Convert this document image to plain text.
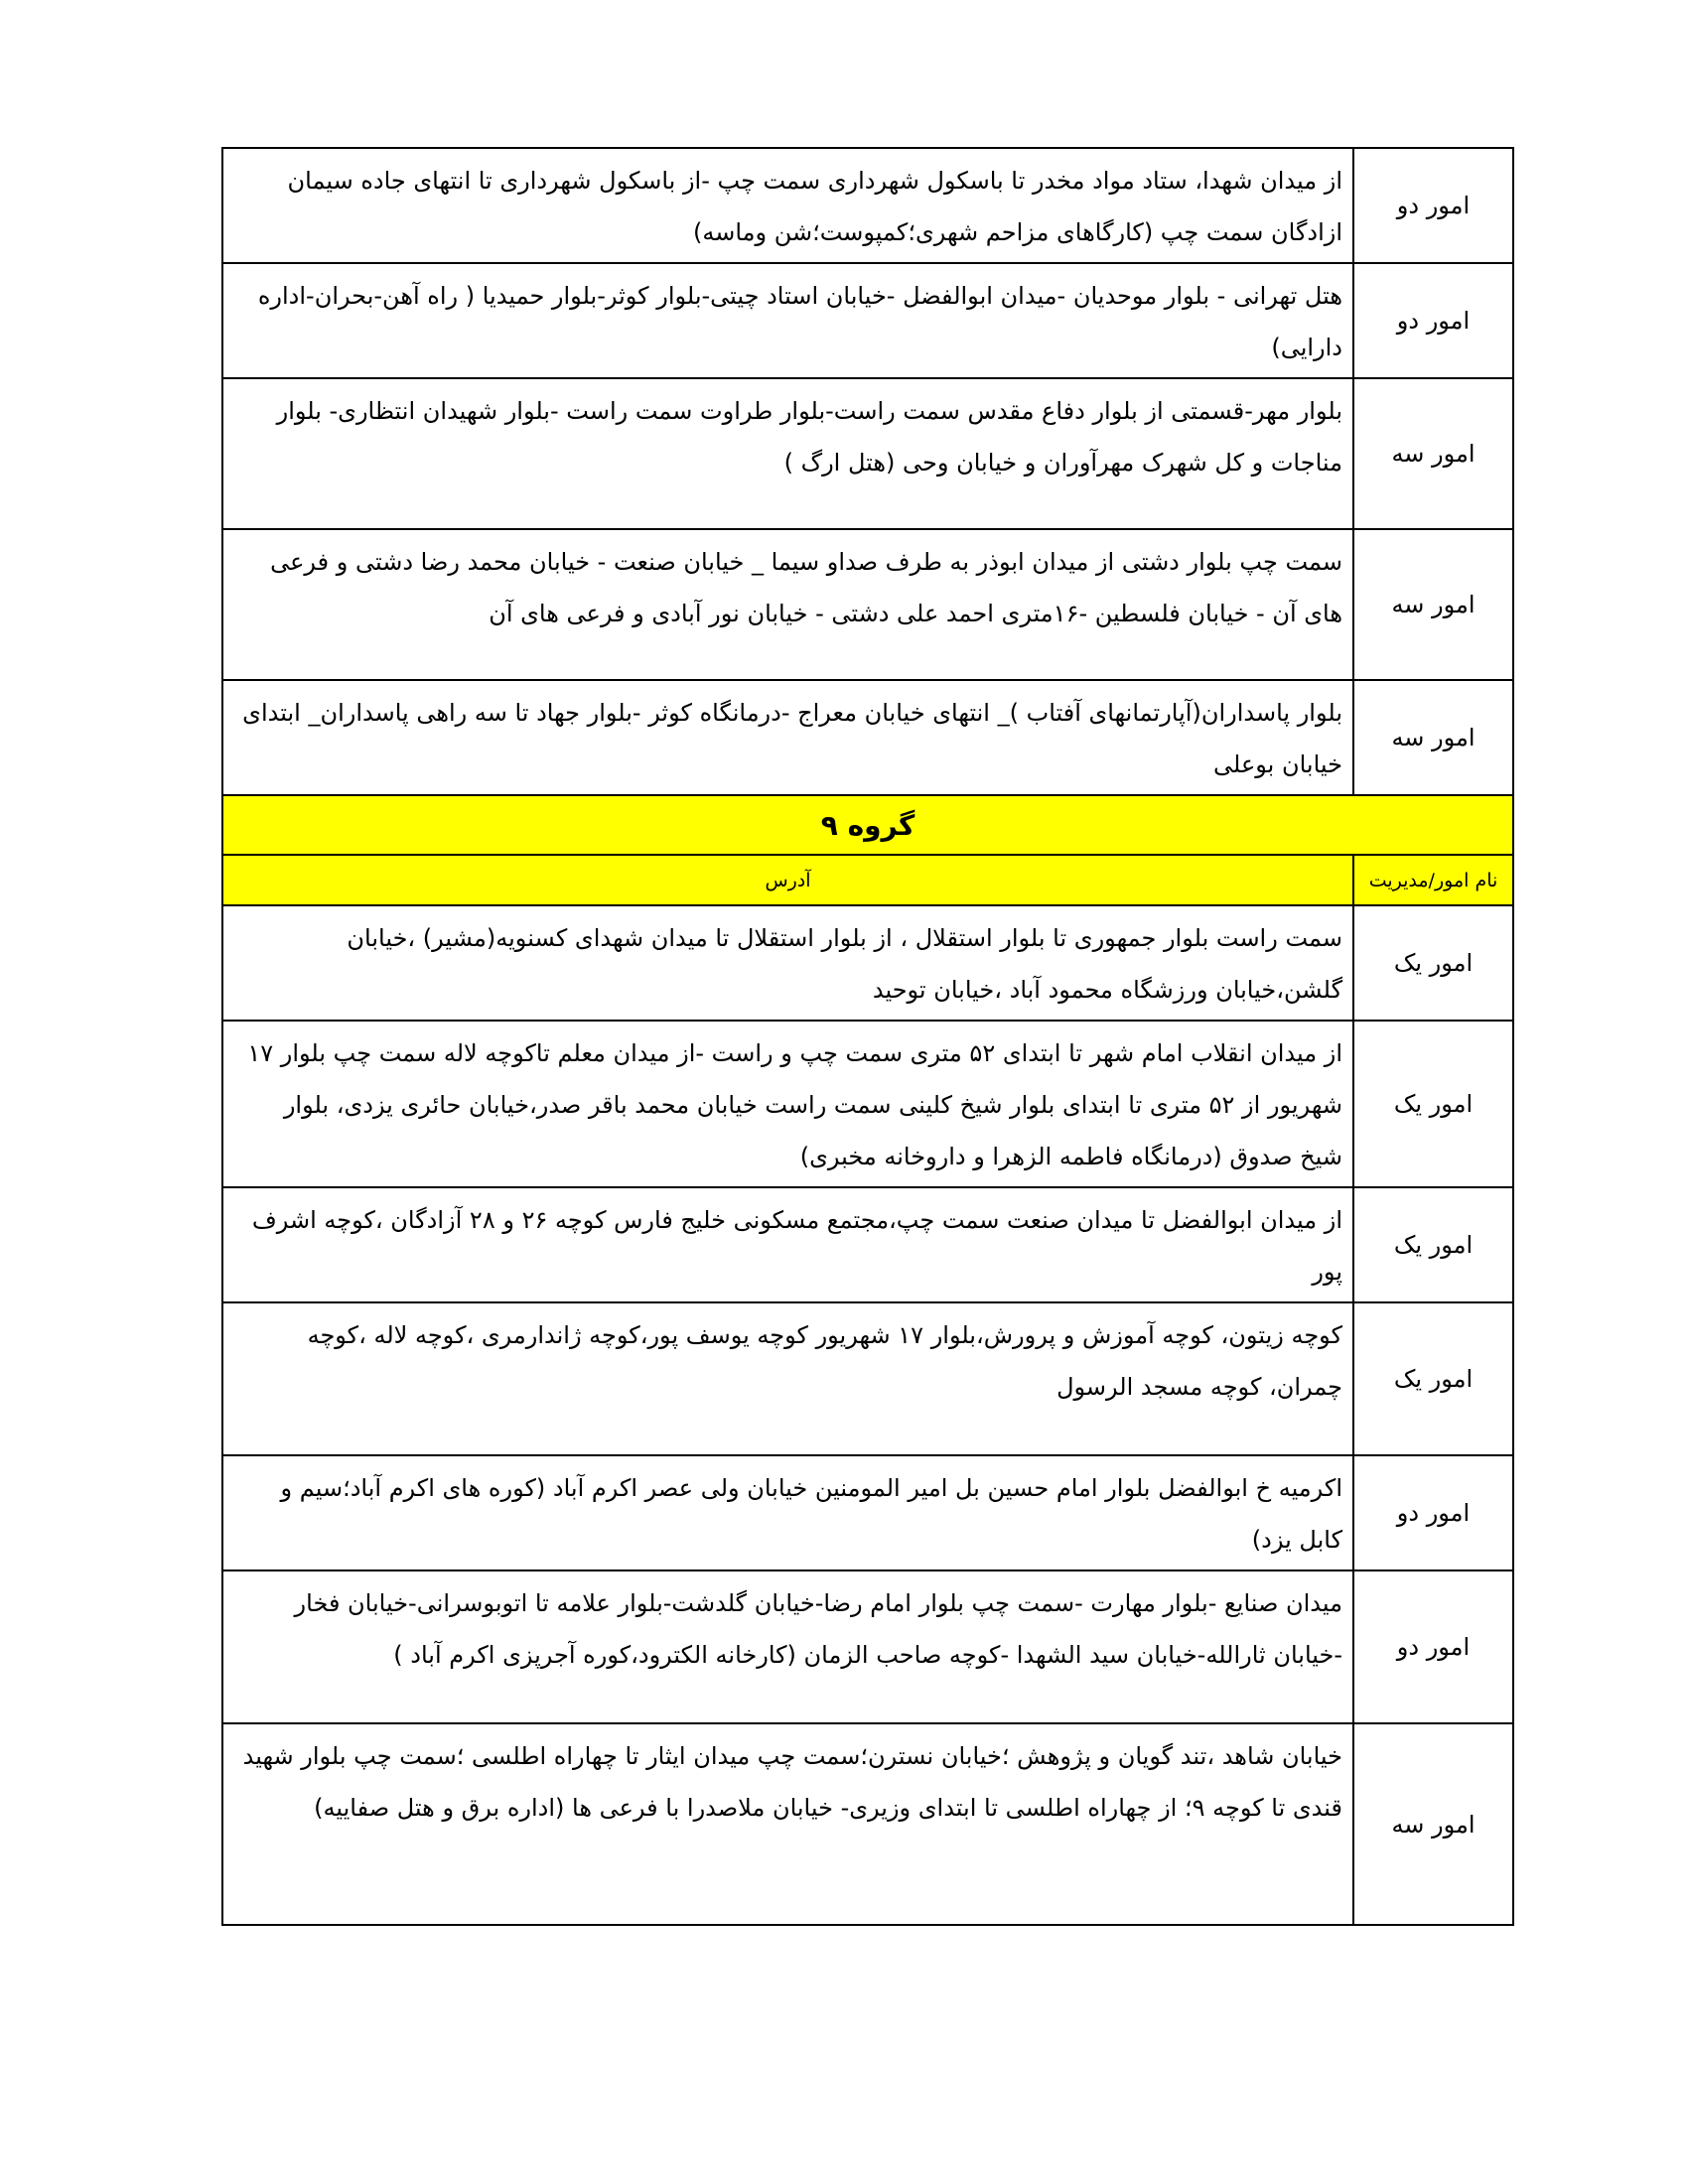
امور دو	از میدان شهدا، ستاد مواد مخدر تا باسکول شهرداری سمت چپ -از باسکول شهرداری تا انتهای جاده سیمان ازادگان سمت چپ (کارگاهای مزاحم شهری؛کمپوست؛شن وماسه)
امور دو	هتل تهرانی - بلوار موحدیان -میدان ابوالفضل -خیابان استاد چیتی-بلوار کوثر-بلوار حمیدیا ( راه آهن-بحران-اداره دارایی)
امور سه	بلوار مهر-قسمتی از بلوار دفاع مقدس سمت راست-بلوار طراوت سمت راست -بلوار شهیدان انتظاری- بلوار مناجات و کل شهرک مهرآوران و خیابان وحی (هتل ارگ )
امور سه	سمت چپ بلوار دشتی از میدان ابوذر به طرف صداو سیما _ خیابان صنعت - خیابان محمد رضا دشتی و فرعی های آن - خیابان فلسطین -۱۶متری احمد علی دشتی - خیابان نور آبادی و فرعی های آن
امور سه	بلوار پاسداران(آپارتمانهای آفتاب )_ انتهای خیابان معراج -درمانگاه کوثر -بلوار جهاد تا سه راهی پاسداران_ ابتدای خیابان بوعلی
گروه ۹	
نام امور/مدیریت	آدرس
امور یک	سمت راست بلوار جمهوری تا بلوار استقلال ، از بلوار استقلال تا میدان شهدای کسنویه(مشیر) ،خیابان گلشن،خیابان ورزشگاه محمود آباد ،خیابان توحید
امور یک	از میدان انقلاب امام شهر تا ابتدای ۵۲ متری سمت چپ و راست -از میدان معلم تاکوچه لاله سمت چپ بلوار ۱۷ شهریور از ۵۲ متری تا ابتدای بلوار شیخ کلینی سمت راست خیابان محمد باقر صدر،خیابان حائری یزدی، بلوار شیخ صدوق (درمانگاه فاطمه الزهرا و داروخانه مخبری)
امور یک	از میدان ابوالفضل تا میدان صنعت سمت چپ،مجتمع مسکونی خلیج فارس کوچه ۲۶ و ۲۸ آزادگان ،کوچه اشرف پور
امور یک	کوچه زیتون، کوچه آموزش و پرورش،بلوار ۱۷ شهریور کوچه یوسف پور،کوچه ژاندارمری ،کوچه لاله ،کوچه چمران، کوچه مسجد الرسول
امور دو	اکرمیه خ ابوالفضل بلوار امام حسین بل امیر المومنین خیابان ولی عصر اکرم آباد (کوره های اکرم آباد؛سیم و کابل یزد)
امور دو	میدان صنایع -بلوار مهارت -سمت چپ بلوار امام رضا-خیابان گلدشت-بلوار علامه تا اتوبوسرانی-خیابان فخار -خیابان ثارالله-خیابان سید الشهدا -کوچه صاحب الزمان (کارخانه الکترود،کوره آجرپزی اکرم آباد )
امور سه	خیابان شاهد ،تند گویان و پژوهش ؛خیابان نسترن؛سمت چپ میدان ایثار تا چهاراه اطلسی ؛سمت چپ بلوار شهید قندی تا کوچه ۹؛ از چهاراه اطلسی تا ابتدای وزیری- خیابان ملاصدرا با فرعی ها (اداره برق و هتل صفاییه)
